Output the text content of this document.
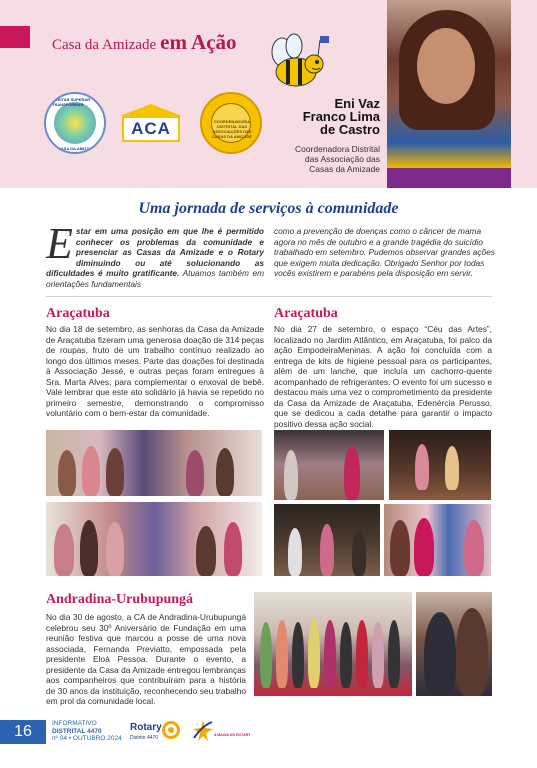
Casa da Amizade em Ação
ACEITAR SUPERAR TRANSFORMAR
CASA DA AMIZADE
ACA	COORDENADORIA DISTRITAL DAS ASSOCIAÇÕES DAS CASAS DA AMIZADE
Eni Vaz
Franco Lima
de Castro
Coordenadora Distrital
das Associação das
Casas da Amizade
Uma jornada de serviços à comunidade
Estar em uma posição em que lhe é permitido conhecer os problemas da comunidade e presenciar as Casas da Amizade e o Rotary diminuindo ou até solucionando as dificuldades é muito gratificante. Atuamos também em orientações fundamentais
como a prevenção de doenças como o câncer de mama agora no mês de outubro e a grande tragédia do suicídio trabalhado em setembro. Pudemos observar grandes ações que exigem muita dedicação. Obrigado Senhor por todas vocês existirem e parabéns pela disposição em servir.
Araçatuba
No dia 18 de setembro, as senhoras da Casa da Amizade de Araçatuba fizeram uma generosa doação de 314 peças de roupas, fruto de um trabalho contínuo realizado ao longo dos últimos meses. Parte das doações foi destinada à Associação Jessé, e outras peças foram entregues à Sra. Marta Alves, para complementar o enxoval de bebê. Vale lembrar que este ato solidário já havia se repetido no primeiro semestre, demonstrando o compromisso voluntário com o bem-estar da comunidade.
Araçatuba
No dia 27 de setembro, o espaço “Céu das Artes”, localizado no Jardim Atlântico, em Araçatuba, foi palco da ação EmpodeiraMeninas. A ação foi concluída com a entrega de kits de higiene pessoal para os participantes, além de um lanche, que incluía um cachorro-quente acompanhado de refrigerantes. O evento foi um sucesso e destacou mais uma vez o comprometimento da presidente da Casa da Amizade de Araçatuba, Edenércia Perusso, que se dedicou a cada detalhe para garantir o impacto positivo dessa ação social.
Andradina-Urubupungá
No dia 30 de agosto, a CA de Andradina-Urubupungá celebrou seu 30º Aniversário de Fundação em uma reunião festiva que marcou a posse de uma nova associada, Fernanda Previatto, empossada pela presidente Eloá Pessoa. Durante o evento, a presidente da Casa da Amizade entregou lembranças aos companheiros que contribuíram para a história de 30 anos da instituição, reconhecendo seu trabalho em prol da comunidade local.
16	INFORMATIVO
DISTRITAL 4470
nº 04 • OUTUBRO 2024
Rotary
Distrito 4470	A MAGIA DO ROTARY
